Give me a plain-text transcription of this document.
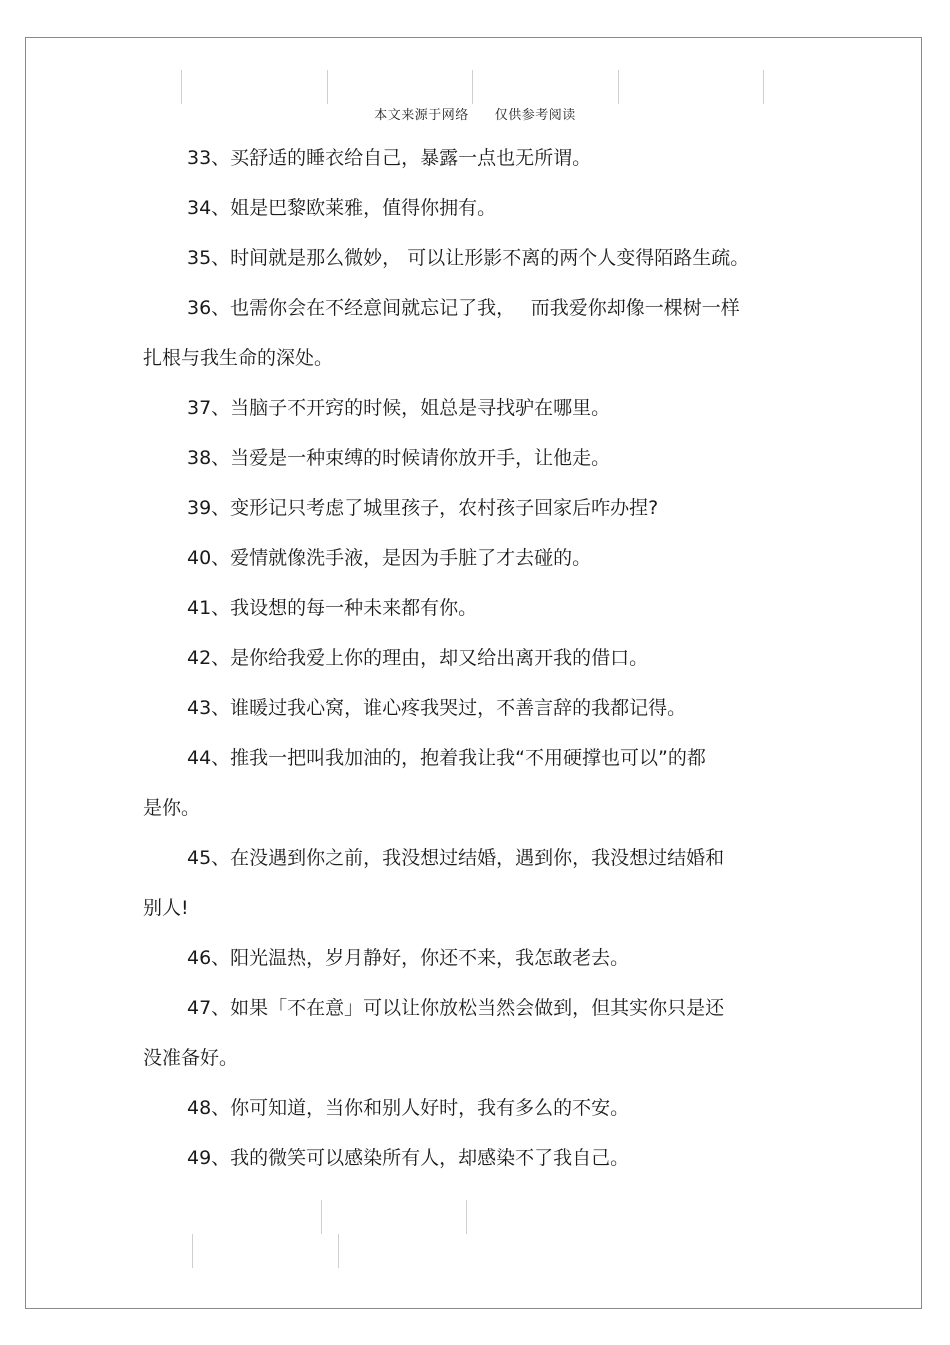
本文来源于网络 仅供参考阅读
33、买舒适的睡衣给自己，暴露一点也无所谓。
34、姐是巴黎欧莱雅，值得你拥有。
35、时间就是那么微妙， 可以让形影不离的两个人变得陌路生疏。
36、也需你会在不经意间就忘记了我，　 而我爱你却像一棵树一样
扎根与我生命的深处。
37、当脑子不开窍的时候，姐总是寻找驴在哪里。
38、当爱是一种束缚的时候请你放开手，让他走。
39、变形记只考虑了城里孩子，农村孩子回家后咋办捏?
40、爱情就像洗手液，是因为手脏了才去碰的。
41、我设想的每一种未来都有你。
42、是你给我爱上你的理由，却又给出离开我的借口。
43、谁暖过我心窝，谁心疼我哭过，不善言辞的我都记得。
44、推我一把叫我加油的，抱着我让我“不用硬撑也可以”的都
是你。
45、在没遇到你之前，我没想过结婚，遇到你，我没想过结婚和
别人!
46、阳光温热，岁月静好，你还不来，我怎敢老去。
47、如果「不在意」可以让你放松当然会做到，但其实你只是还
没准备好。
48、你可知道，当你和别人好时，我有多么的不安。
49、我的微笑可以感染所有人，却感染不了我自己。
